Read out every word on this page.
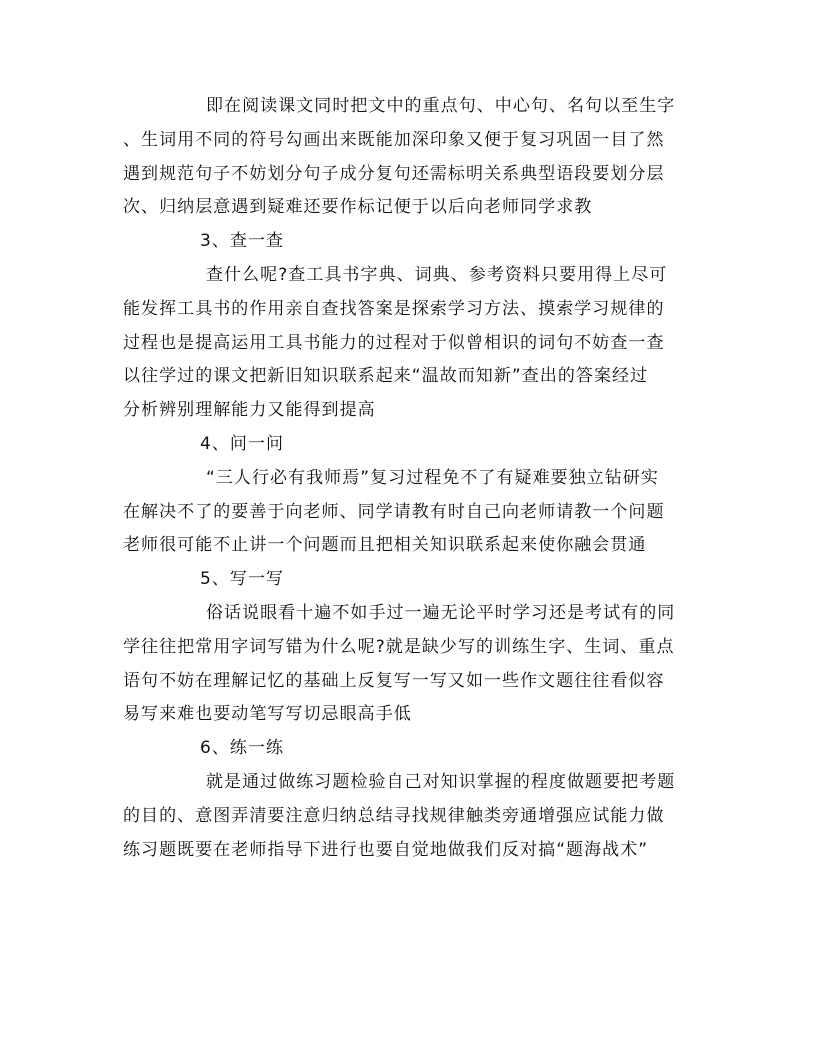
即在阅读课文同时把文中的重点句、中心句、名句以至生字
、生词用不同的符号勾画出来既能加深印象又便于复习巩固一目了然
遇到规范句子不妨划分句子成分复句还需标明关系典型语段要划分层
次、归纳层意遇到疑难还要作标记便于以后向老师同学求教
3、查一查
查什么呢?查工具书字典、词典、参考资料只要用得上尽可
能发挥工具书的作用亲自查找答案是探索学习方法、摸索学习规律的
过程也是提高运用工具书能力的过程对于似曾相识的词句不妨查一查
以往学过的课文把新旧知识联系起来“温故而知新”查出的答案经过
分析辨别理解能力又能得到提高
4、问一问
“三人行必有我师焉”复习过程免不了有疑难要独立钻研实
在解决不了的要善于向老师、同学请教有时自己向老师请教一个问题
老师很可能不止讲一个问题而且把相关知识联系起来使你融会贯通
5、写一写
俗话说眼看十遍不如手过一遍无论平时学习还是考试有的同
学往往把常用字词写错为什么呢?就是缺少写的训练生字、生词、重点
语句不妨在理解记忆的基础上反复写一写又如一些作文题往往看似容
易写来难也要动笔写写切忌眼高手低
6、练一练
就是通过做练习题检验自己对知识掌握的程度做题要把考题
的目的、意图弄清要注意归纳总结寻找规律触类旁通增强应试能力做
练习题既要在老师指导下进行也要自觉地做我们反对搞“题海战术”
